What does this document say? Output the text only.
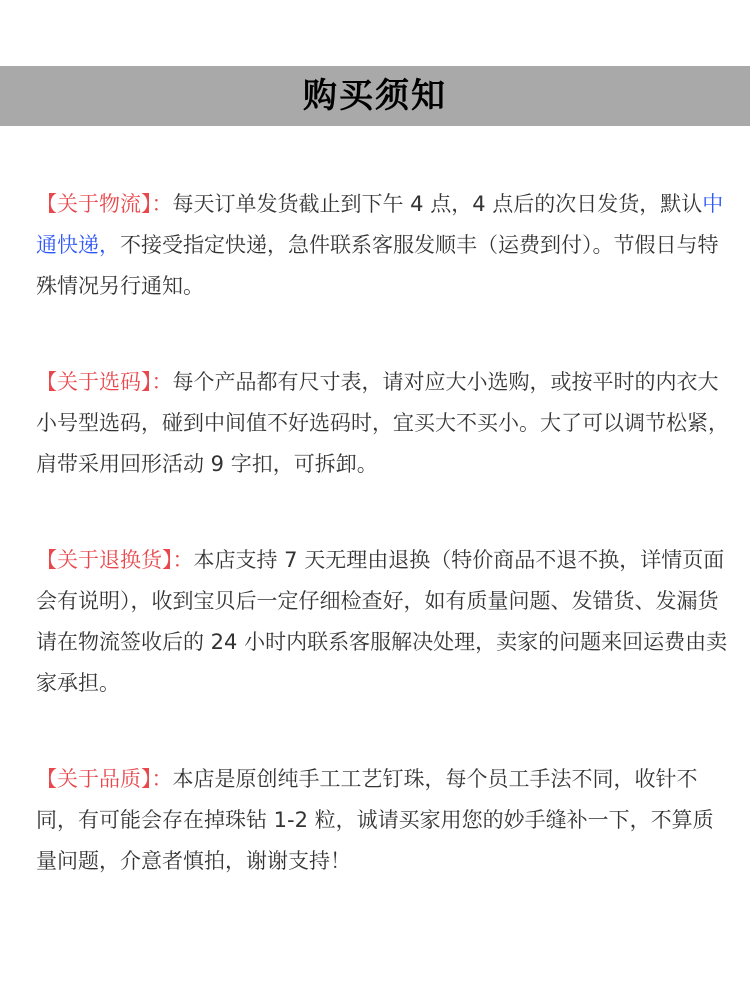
购买须知

【关于物流】：每天订单发货截止到下午 4 点，4 点后的次日发货，默认中通快递，不接受指定快递，急件联系客服发顺丰（运费到付）。节假日与特殊情况另行通知。

【关于选码】：每个产品都有尺寸表，请对应大小选购，或按平时的内衣大小号型选码，碰到中间值不好选码时，宜买大不买小。大了可以调节松紧，肩带采用回形活动 9 字扣，可拆卸。

【关于退换货】：本店支持 7 天无理由退换（特价商品不退不换，详情页面会有说明），收到宝贝后一定仔细检查好，如有质量问题、发错货、发漏货请在物流签收后的 24 小时内联系客服解决处理，卖家的问题来回运费由卖家承担。

【关于品质】：本店是原创纯手工工艺钉珠，每个员工手法不同，收针不同，有可能会存在掉珠钻 1-2 粒，诚请买家用您的妙手缝补一下，不算质量问题，介意者慎拍，谢谢支持！
